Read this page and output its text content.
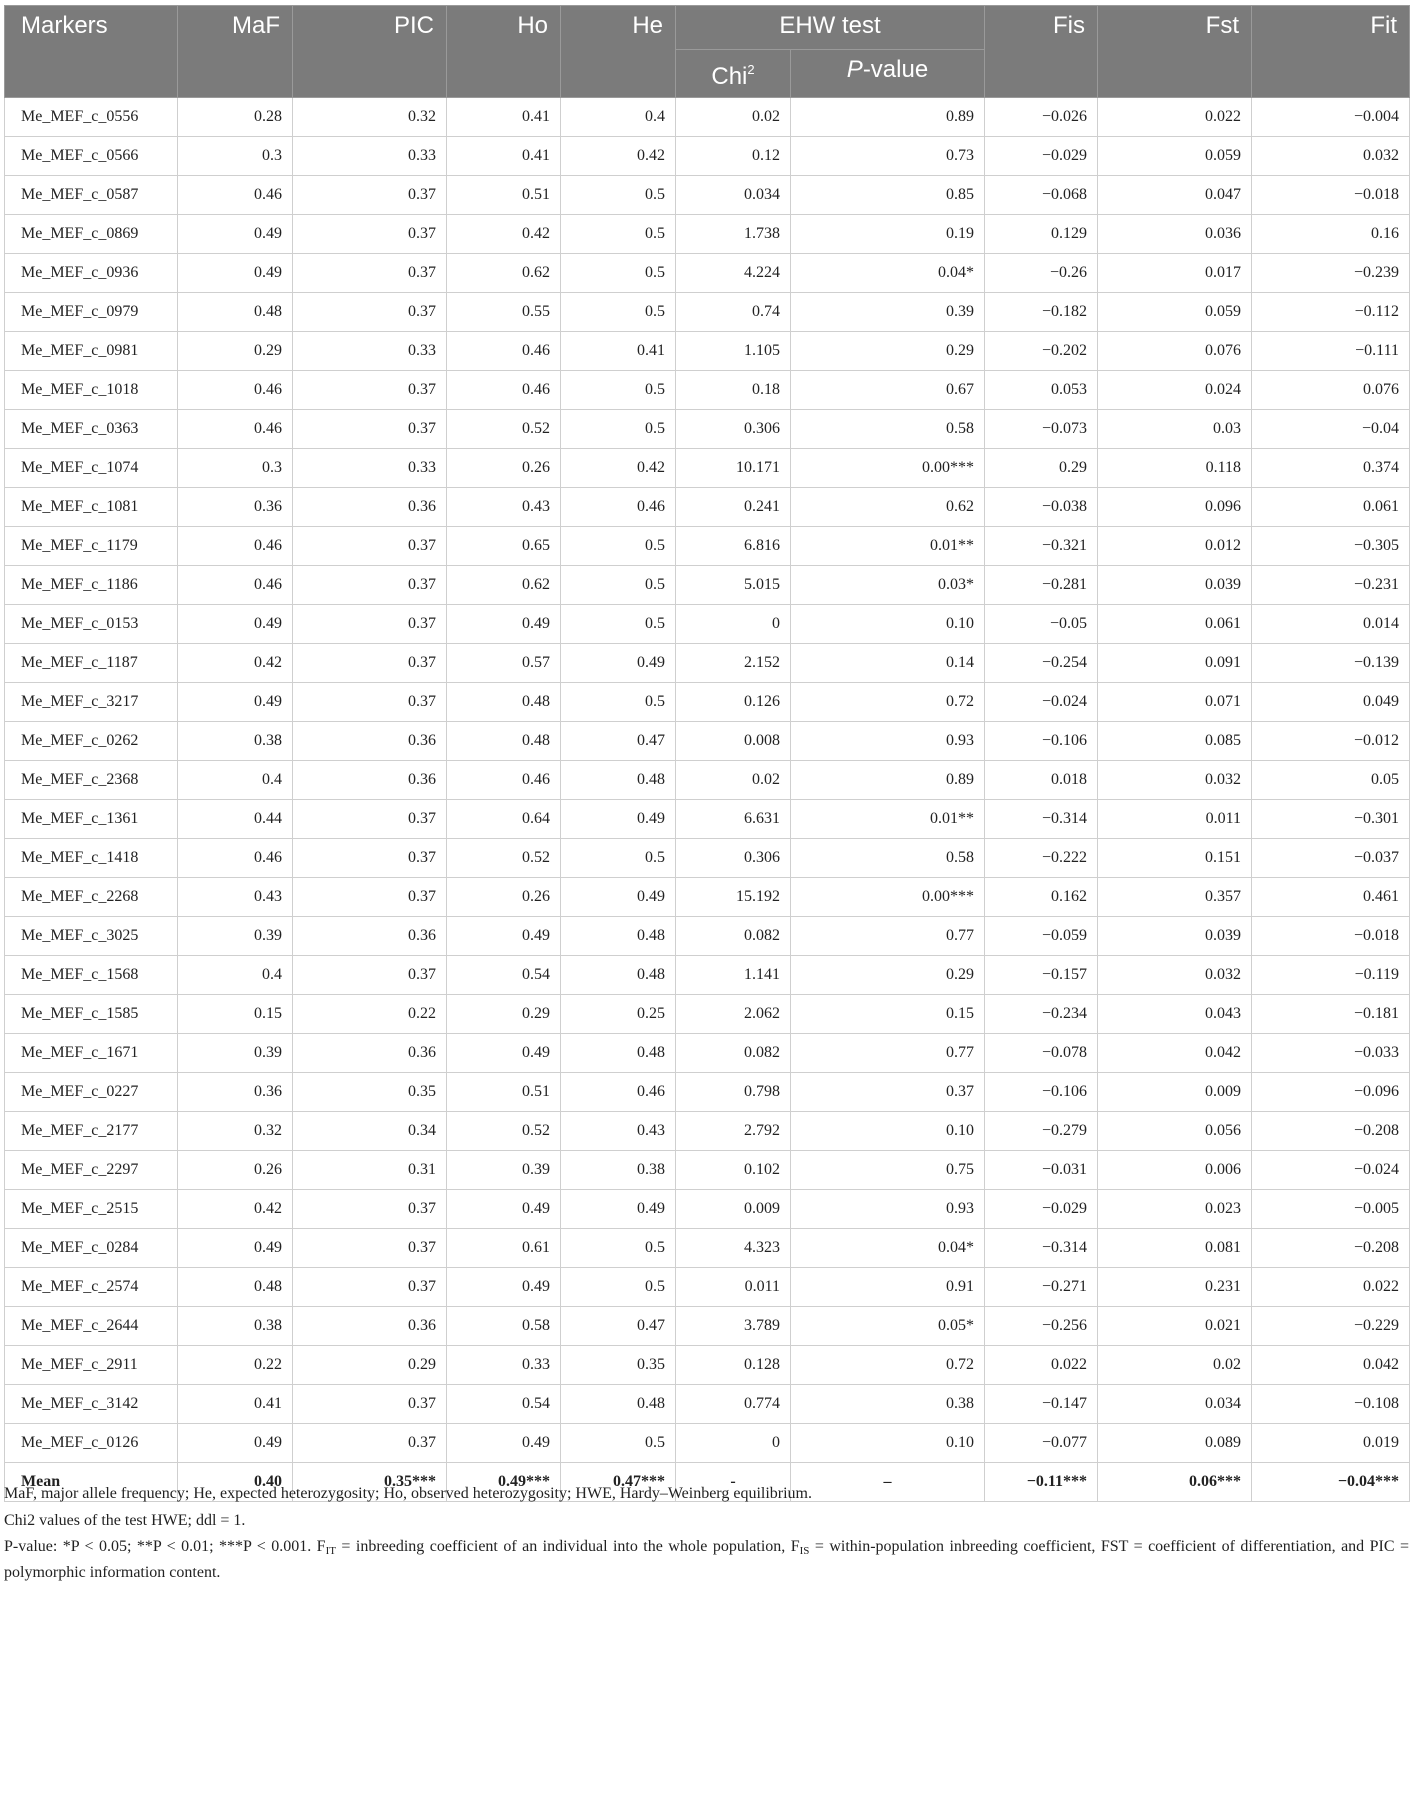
Markers	MaF	PIC	Ho	He	EHW test		Fis	Fst	Fit
					Chi$^2$	P-value			
Me_MEF_c_0556	0.28	0.32	0.41	0.4	0.02	0.89	−0.026	0.022	−0.004
Me_MEF_c_0566	0.3	0.33	0.41	0.42	0.12	0.73	−0.029	0.059	0.032
Me_MEF_c_0587	0.46	0.37	0.51	0.5	0.034	0.85	−0.068	0.047	−0.018
Me_MEF_c_0869	0.49	0.37	0.42	0.5	1.738	0.19	0.129	0.036	0.16
Me_MEF_c_0936	0.49	0.37	0.62	0.5	4.224	0.04*	−0.26	0.017	−0.239
Me_MEF_c_0979	0.48	0.37	0.55	0.5	0.74	0.39	−0.182	0.059	−0.112
Me_MEF_c_0981	0.29	0.33	0.46	0.41	1.105	0.29	−0.202	0.076	−0.111
Me_MEF_c_1018	0.46	0.37	0.46	0.5	0.18	0.67	0.053	0.024	0.076
Me_MEF_c_0363	0.46	0.37	0.52	0.5	0.306	0.58	−0.073	0.03	−0.04
Me_MEF_c_1074	0.3	0.33	0.26	0.42	10.171	0.00***	0.29	0.118	0.374
Me_MEF_c_1081	0.36	0.36	0.43	0.46	0.241	0.62	−0.038	0.096	0.061
Me_MEF_c_1179	0.46	0.37	0.65	0.5	6.816	0.01**	−0.321	0.012	−0.305
Me_MEF_c_1186	0.46	0.37	0.62	0.5	5.015	0.03*	−0.281	0.039	−0.231
Me_MEF_c_0153	0.49	0.37	0.49	0.5	0	0.10	−0.05	0.061	0.014
Me_MEF_c_1187	0.42	0.37	0.57	0.49	2.152	0.14	−0.254	0.091	−0.139
Me_MEF_c_3217	0.49	0.37	0.48	0.5	0.126	0.72	−0.024	0.071	0.049
Me_MEF_c_0262	0.38	0.36	0.48	0.47	0.008	0.93	−0.106	0.085	−0.012
Me_MEF_c_2368	0.4	0.36	0.46	0.48	0.02	0.89	0.018	0.032	0.05
Me_MEF_c_1361	0.44	0.37	0.64	0.49	6.631	0.01**	−0.314	0.011	−0.301
Me_MEF_c_1418	0.46	0.37	0.52	0.5	0.306	0.58	−0.222	0.151	−0.037
Me_MEF_c_2268	0.43	0.37	0.26	0.49	15.192	0.00***	0.162	0.357	0.461
Me_MEF_c_3025	0.39	0.36	0.49	0.48	0.082	0.77	−0.059	0.039	−0.018
Me_MEF_c_1568	0.4	0.37	0.54	0.48	1.141	0.29	−0.157	0.032	−0.119
Me_MEF_c_1585	0.15	0.22	0.29	0.25	2.062	0.15	−0.234	0.043	−0.181
Me_MEF_c_1671	0.39	0.36	0.49	0.48	0.082	0.77	−0.078	0.042	−0.033
Me_MEF_c_0227	0.36	0.35	0.51	0.46	0.798	0.37	−0.106	0.009	−0.096
Me_MEF_c_2177	0.32	0.34	0.52	0.43	2.792	0.10	−0.279	0.056	−0.208
Me_MEF_c_2297	0.26	0.31	0.39	0.38	0.102	0.75	−0.031	0.006	−0.024
Me_MEF_c_2515	0.42	0.37	0.49	0.49	0.009	0.93	−0.029	0.023	−0.005
Me_MEF_c_0284	0.49	0.37	0.61	0.5	4.323	0.04*	−0.314	0.081	−0.208
Me_MEF_c_2574	0.48	0.37	0.49	0.5	0.011	0.91	−0.271	0.231	0.022
Me_MEF_c_2644	0.38	0.36	0.58	0.47	3.789	0.05*	−0.256	0.021	−0.229
Me_MEF_c_2911	0.22	0.29	0.33	0.35	0.128	0.72	0.022	0.02	0.042
Me_MEF_c_3142	0.41	0.37	0.54	0.48	0.774	0.38	−0.147	0.034	−0.108
Me_MEF_c_0126	0.49	0.37	0.49	0.5	0	0.10	−0.077	0.089	0.019
Mean	0.40	0.35***	0.49***	0.47***	-	–	−0.11***	0.06***	−0.04***
MaF, major allele frequency; He, expected heterozygosity; Ho, observed heterozygosity; HWE, Hardy–Weinberg equilibrium.
Chi2 values of the test HWE; ddl = 1.
P-value: *P < 0.05; **P < 0.01; ***P < 0.001. $F_{IT}$ = inbreeding coefficient of an individual into the whole population, $F_{IS}$ = within-population inbreeding coefficient, FST = coefficient of differentiation, and PIC = polymorphic information content.
